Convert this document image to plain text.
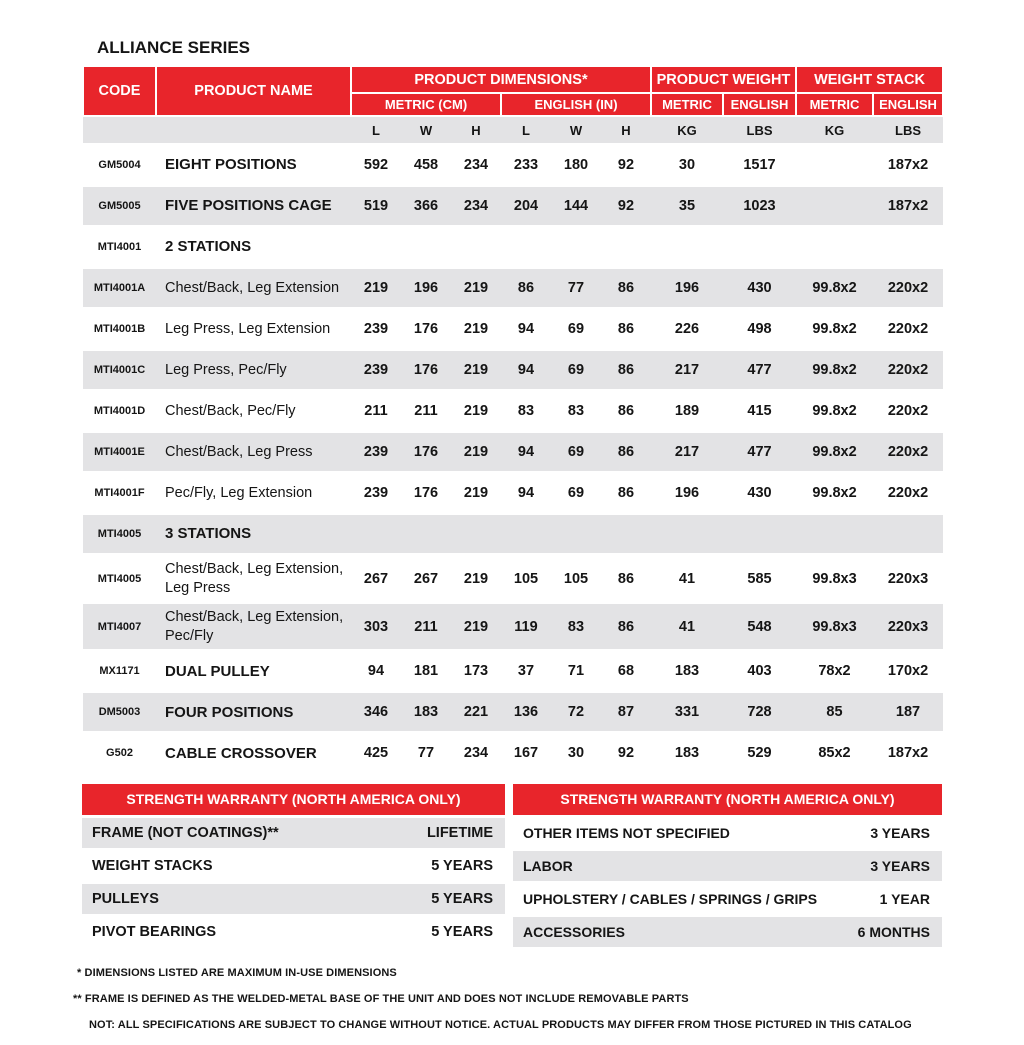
ALLIANCE SERIES
CODE	PRODUCT NAME	PRODUCT DIMENSIONS*						PRODUCT WEIGHT		WEIGHT STACK	
		METRIC (CM)			ENGLISH (IN)			METRIC	ENGLISH	METRIC	ENGLISH
		L	W	H	L	W	H	KG	LBS	KG	LBS
GM5004	EIGHT POSITIONS	592	458	234	233	180	92	30	1517		187x2
GM5005	FIVE POSITIONS CAGE	519	366	234	204	144	92	35	1023		187x2
MTI4001	2 STATIONS										
MTI4001A	Chest/Back, Leg Extension	219	196	219	86	77	86	196	430	99.8x2	220x2
MTI4001B	Leg Press, Leg Extension	239	176	219	94	69	86	226	498	99.8x2	220x2
MTI4001C	Leg Press, Pec/Fly	239	176	219	94	69	86	217	477	99.8x2	220x2
MTI4001D	Chest/Back, Pec/Fly	211	211	219	83	83	86	189	415	99.8x2	220x2
MTI4001E	Chest/Back, Leg Press	239	176	219	94	69	86	217	477	99.8x2	220x2
MTI4001F	Pec/Fly, Leg Extension	239	176	219	94	69	86	196	430	99.8x2	220x2
MTI4005	3 STATIONS										
MTI4005	Chest/Back, Leg Extension, Leg Press	267	267	219	105	105	86	41	585	99.8x3	220x3
MTI4007	Chest/Back, Leg Extension, Pec/Fly	303	211	219	119	83	86	41	548	99.8x3	220x3
MX1171	DUAL PULLEY	94	181	173	37	71	68	183	403	78x2	170x2
DM5003	FOUR POSITIONS	346	183	221	136	72	87	331	728	85	187
G502	CABLE CROSSOVER	425	77	234	167	30	92	183	529	85x2	187x2
STRENGTH WARRANTY (NORTH AMERICA ONLY)
FRAME (NOT COATINGS)**	LIFETIME
WEIGHT STACKS	5 YEARS
PULLEYS	5 YEARS
PIVOT BEARINGS	5 YEARS
STRENGTH WARRANTY (NORTH AMERICA ONLY)
OTHER ITEMS NOT SPECIFIED	3 YEARS
LABOR	3 YEARS
UPHOLSTERY / CABLES / SPRINGS / GRIPS	1 YEAR
ACCESSORIES	6 MONTHS
* DIMENSIONS LISTED ARE MAXIMUM IN-USE DIMENSIONS
** FRAME IS DEFINED AS THE WELDED-METAL BASE OF THE UNIT AND DOES NOT INCLUDE REMOVABLE PARTS
NOT: ALL SPECIFICATIONS ARE SUBJECT TO CHANGE WITHOUT NOTICE. ACTUAL PRODUCTS MAY DIFFER FROM THOSE PICTURED IN THIS CATALOG
